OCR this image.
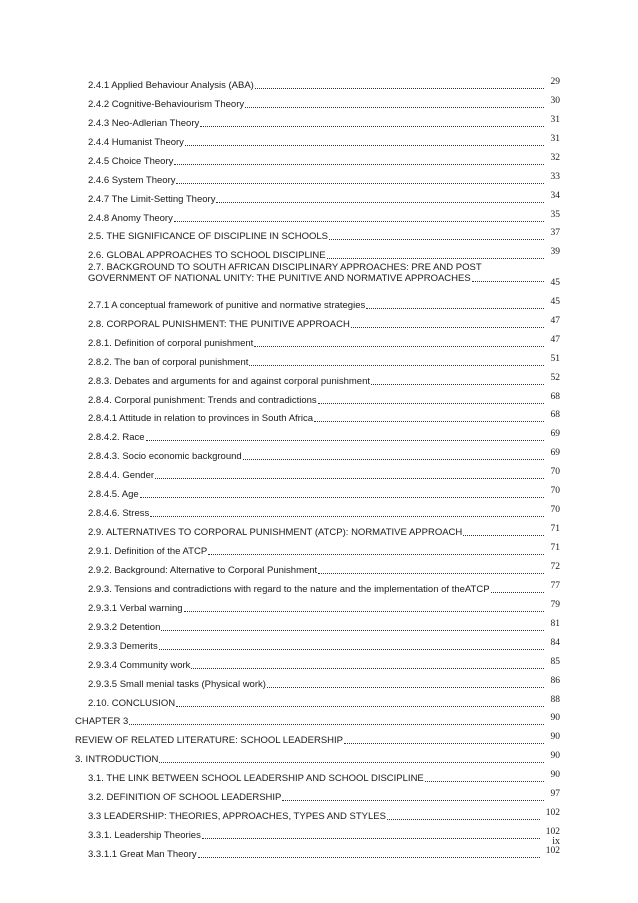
2.4.1 Applied Behaviour Analysis (ABA)	29
2.4.2 Cognitive-Behaviourism Theory	30
2.4.3 Neo-Adlerian Theory	31
2.4.4 Humanist Theory	31
2.4.5 Choice Theory	32
2.4.6 System Theory	33
2.4.7 The Limit-Setting Theory	34
2.4.8 Anomy Theory	35
2.5. THE SIGNIFICANCE OF DISCIPLINE IN SCHOOLS	37
2.6. GLOBAL APPROACHES TO SCHOOL DISCIPLINE	39
2.7. BACKGROUND TO SOUTH AFRICAN DISCIPLINARY APPROACHES: PRE AND POST
GOVERNMENT OF NATIONAL UNITY: THE PUNITIVE AND NORMATIVE APPROACHES	45
2.7.1 A conceptual framework of punitive and normative strategies	45
2.8. CORPORAL PUNISHMENT: THE PUNITIVE APPROACH	47
2.8.1. Definition of corporal punishment	47
2.8.2. The ban of corporal punishment	51
2.8.3. Debates and arguments for and against corporal punishment	52
2.8.4. Corporal punishment: Trends and contradictions	68
2.8.4.1 Attitude in relation to provinces in South Africa	68
2.8.4.2. Race	69
2.8.4.3. Socio economic background	69
2.8.4.4. Gender	70
2.8.4.5. Age	70
2.8.4.6. Stress	70
2.9. ALTERNATIVES TO CORPORAL PUNISHMENT (ATCP): NORMATIVE APPROACH	71
2.9.1. Definition of the ATCP	71
2.9.2. Background: Alternative to Corporal Punishment	72
2.9.3. Tensions and contradictions with regard to the nature and the implementation of theATCP	77
2.9.3.1 Verbal warning	79
2.9.3.2 Detention	81
2.9.3.3 Demerits	84
2.9.3.4 Community work	85
2.9.3.5 Small menial tasks (Physical work)	86
2.10. CONCLUSION	88
CHAPTER 3	90
REVIEW OF RELATED LITERATURE: SCHOOL LEADERSHIP	90
3. INTRODUCTION	90
3.1. THE LINK BETWEEN SCHOOL LEADERSHIP AND SCHOOL DISCIPLINE	90
3.2. DEFINITION OF SCHOOL LEADERSHIP	97
3.3 LEADERSHIP: THEORIES, APPROACHES, TYPES AND STYLES	102
3.3.1. Leadership Theories	102
3.3.1.1 Great Man Theory	102
ix
